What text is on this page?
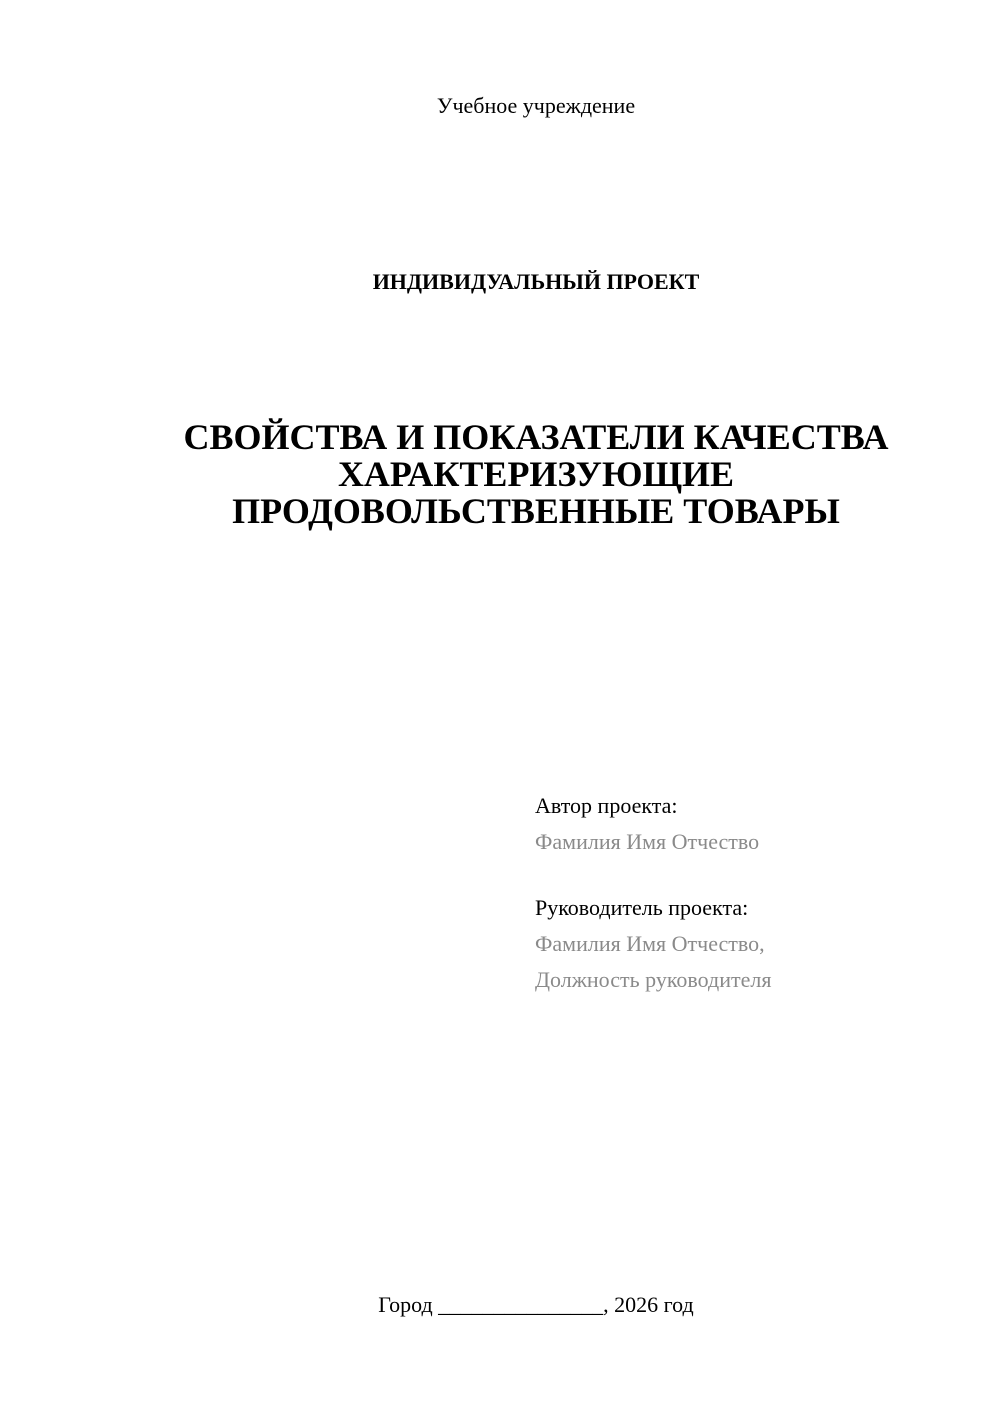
Учебное учреждение

ИНДИВИДУАЛЬНЫЙ ПРОЕКТ

СВОЙСТВА И ПОКАЗАТЕЛИ КАЧЕСТВА
ХАРАКТЕРИЗУЮЩИЕ
ПРОДОВОЛЬСТВЕННЫЕ ТОВАРЫ
Автор проекта:
Фамилия Имя Отчество
Руководитель проекта:
Фамилия Имя Отчество,
Должность руководителя
Город _______________, 2026 год
